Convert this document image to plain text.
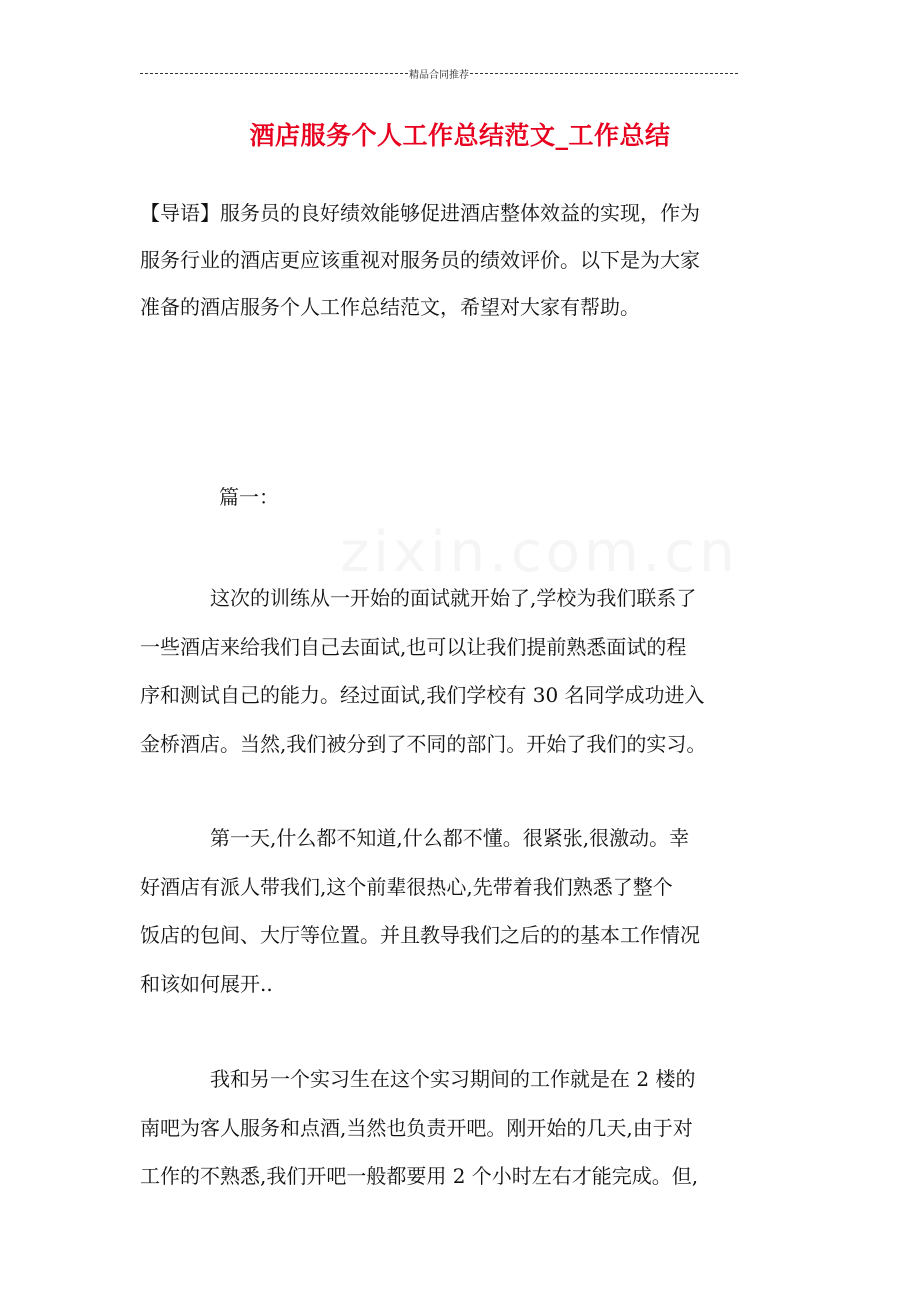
精品合同推荐
zixin.com.cn
酒店服务个人工作总结范文_工作总结
【导语】服务员的良好绩效能够促进酒店整体效益的实现，作为
服务行业的酒店更应该重视对服务员的绩效评价。以下是为大家
准备的酒店服务个人工作总结范文，希望对大家有帮助。
篇一：
这次的训练从一开始的面试就开始了,学校为我们联系了
一些酒店来给我们自己去面试,也可以让我们提前熟悉面试的程
序和测试自己的能力。经过面试,我们学校有 30 名同学成功进入
金桥酒店。当然,我们被分到了不同的部门。开始了我们的实习。
第一天,什么都不知道,什么都不懂。很紧张,很激动。幸
好酒店有派人带我们,这个前辈很热心,先带着我们熟悉了整个
饭店的包间、大厅等位置。并且教导我们之后的的基本工作情况
和该如何展开..
我和另一个实习生在这个实习期间的工作就是在 2 楼的
南吧为客人服务和点酒,当然也负责开吧。刚开始的几天,由于对
工作的不熟悉,我们开吧一般都要用 2 个小时左右才能完成。但,
